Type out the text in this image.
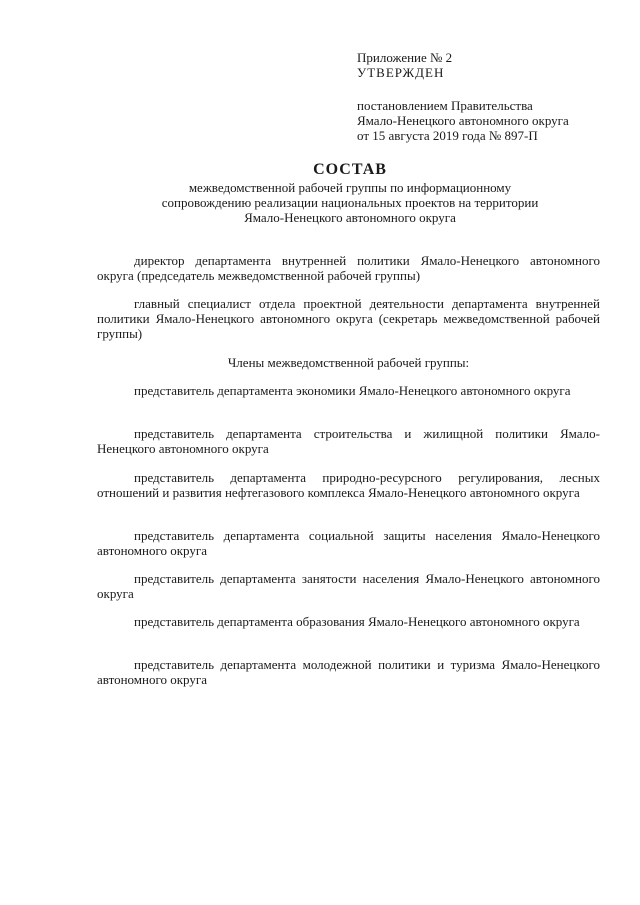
Приложение № 2
УТВЕРЖДЕН
постановлением Правительства
Ямало-Ненецкого автономного округа
от 15 августа 2019 года № 897-П
СОСТАВ
межведомственной рабочей группы по информационному
сопровождению реализации национальных проектов на территории
Ямало-Ненецкого автономного округа
директор департамента внутренней политики Ямало-Ненецкого автономного округа (председатель межведомственной рабочей группы)
главный специалист отдела проектной деятельности департамента внутренней политики Ямало-Ненецкого автономного округа (секретарь межведомственной рабочей группы)
Члены межведомственной рабочей группы:
представитель департамента экономики Ямало-Ненецкого автономного округа
представитель департамента строительства и жилищной политики Ямало-Ненецкого автономного округа
представитель департамента природно-ресурсного регулирования, лесных отношений и развития нефтегазового комплекса Ямало-Ненецкого автономного округа
представитель департамента социальной защиты населения Ямало-Ненецкого автономного округа
представитель департамента занятости населения Ямало-Ненецкого автономного округа
представитель департамента образования Ямало-Ненецкого автономного округа
представитель департамента молодежной политики и туризма Ямало-Ненецкого автономного округа
